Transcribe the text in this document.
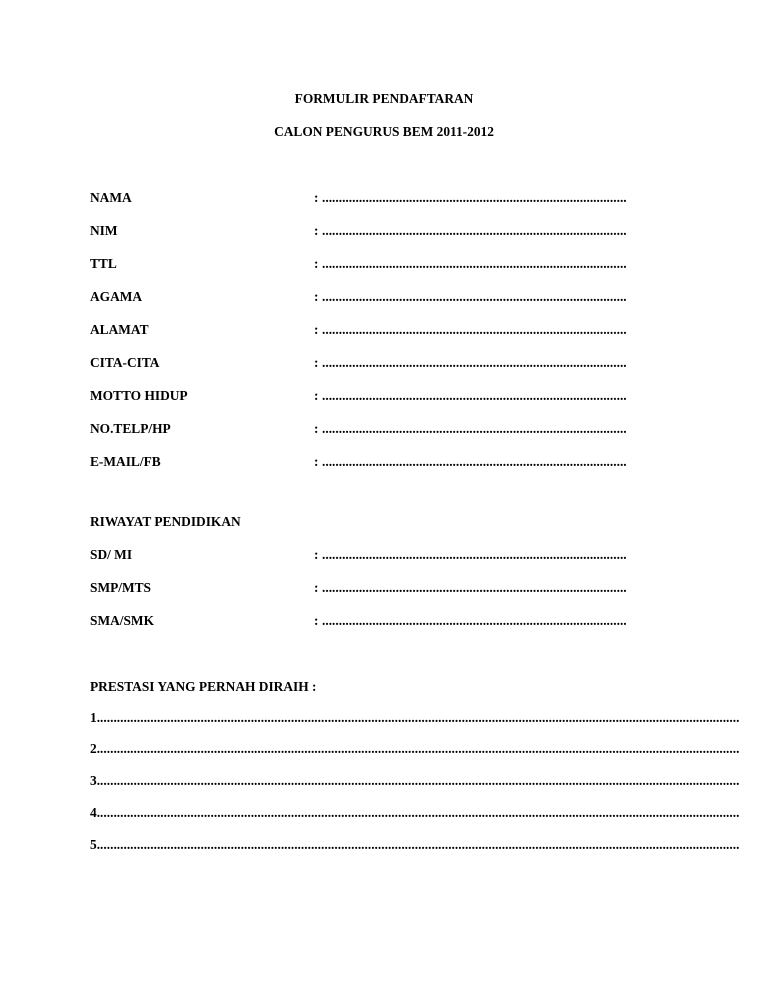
FORMULIR PENDAFTARAN
CALON PENGURUS BEM 2011-2012
NAMA	: ...........................................................................................
NIM	: ...........................................................................................
TTL	: ...........................................................................................
AGAMA	: ...........................................................................................
ALAMAT	: ...........................................................................................
CITA-CITA	: ...........................................................................................
MOTTO HIDUP	: ...........................................................................................
NO.TELP/HP	: ...........................................................................................
E-MAIL/FB	: ...........................................................................................
RIWAYAT PENDIDIKAN
SD/ MI	: ...........................................................................................
SMP/MTS	: ...........................................................................................
SMA/SMK	: ...........................................................................................
PRESTASI YANG PERNAH DIRAIH :
1................................................................................................................................................................................................
2................................................................................................................................................................................................
3................................................................................................................................................................................................
4................................................................................................................................................................................................
5................................................................................................................................................................................................
